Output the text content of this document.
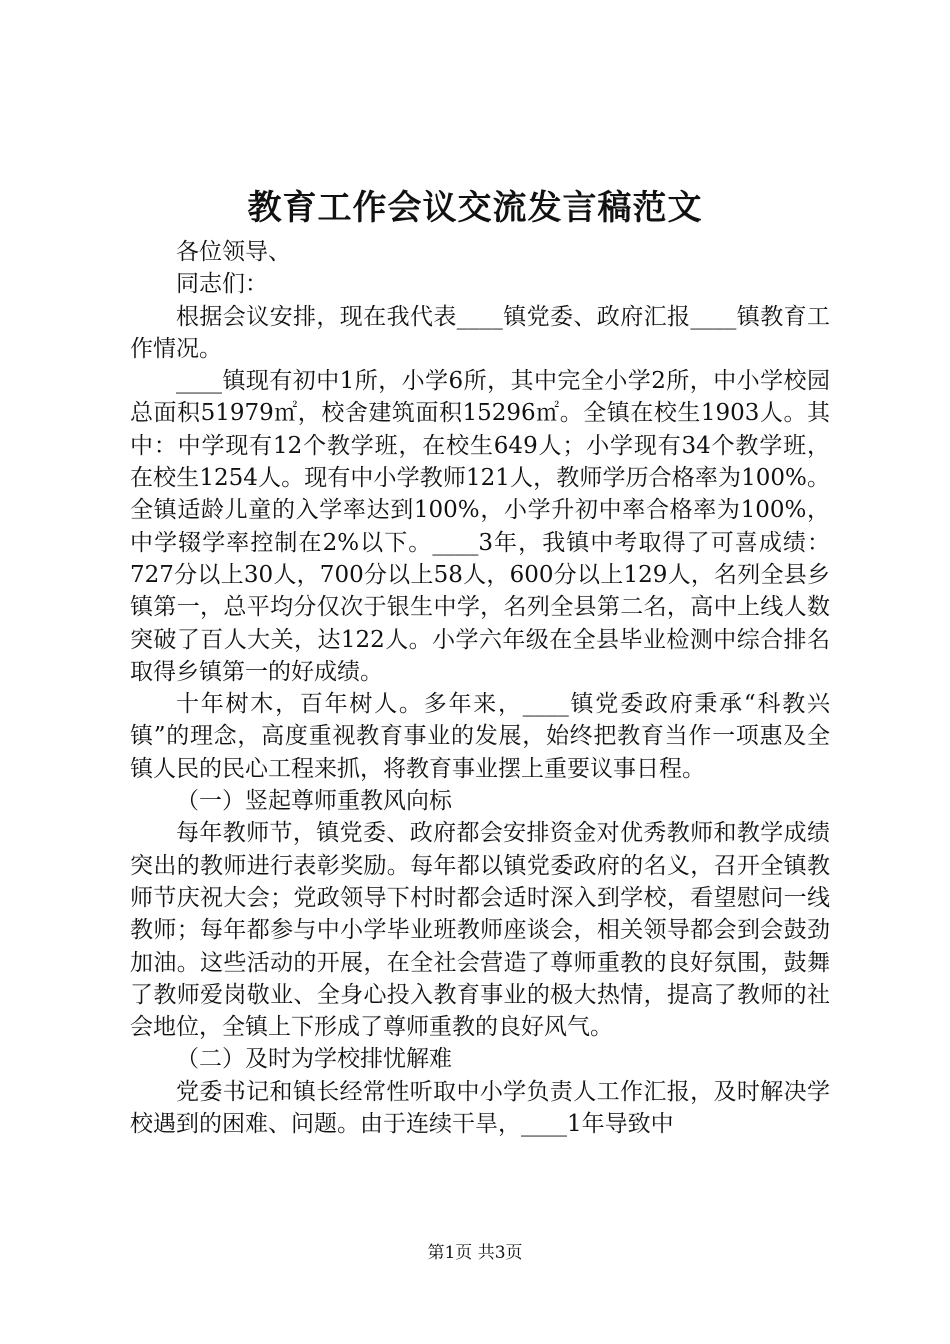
教育工作会议交流发言稿范文

各位领导、

同志们：

根据会议安排，现在我代表____镇党委、政府汇报____镇教育工作情况。

____镇现有初中1所，小学6所，其中完全小学2所，中小学校园总面积51979㎡，校舍建筑面积15296㎡。全镇在校生1903人。其中：中学现有12个教学班，在校生649人；小学现有34个教学班，在校生1254人。现有中小学教师121人，教师学历合格率为100%。全镇适龄儿童的入学率达到100%，小学升初中率合格率为100%，中学辍学率控制在2%以下。____3年，我镇中考取得了可喜成绩：727分以上30人，700分以上58人，600分以上129人，名列全县乡镇第一，总平均分仅次于银生中学，名列全县第二名，高中上线人数突破了百人大关，达122人。小学六年级在全县毕业检测中综合排名取得乡镇第一的好成绩。

十年树木，百年树人。多年来，____镇党委政府秉承“科教兴镇”的理念，高度重视教育事业的发展，始终把教育当作一项惠及全镇人民的民心工程来抓，将教育事业摆上重要议事日程。

（一）竖起尊师重教风向标

每年教师节，镇党委、政府都会安排资金对优秀教师和教学成绩突出的教师进行表彰奖励。每年都以镇党委政府的名义，召开全镇教师节庆祝大会；党政领导下村时都会适时深入到学校，看望慰问一线教师；每年都参与中小学毕业班教师座谈会，相关领导都会到会鼓劲加油。这些活动的开展，在全社会营造了尊师重教的良好氛围，鼓舞了教师爱岗敬业、全身心投入教育事业的极大热情，提高了教师的社会地位，全镇上下形成了尊师重教的良好风气。

（二）及时为学校排忧解难

党委书记和镇长经常性听取中小学负责人工作汇报，及时解决学校遇到的困难、问题。由于连续干旱，____1年导致中

第1页 共3页
